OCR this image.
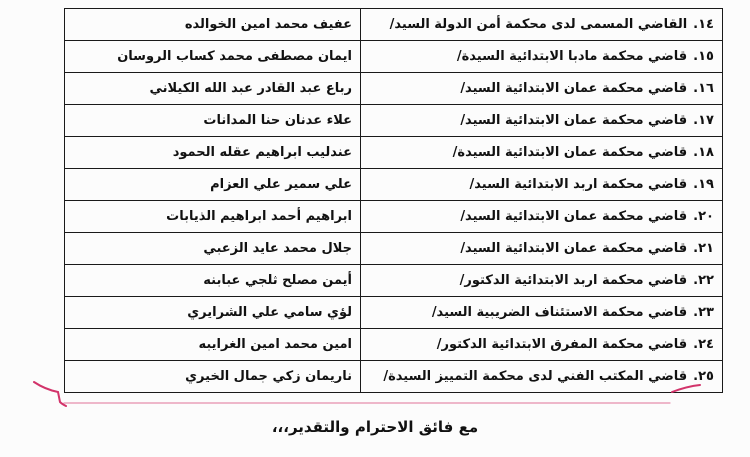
١٤.القاضي المسمى لدى محكمة أمن الدولة السيد/	عفيف محمد امين الخوالده
١٥.قاضي محكمة مادبا الابتدائية السيدة/	ايمان مصطفى محمد كساب الروسان
١٦.قاضي محكمة عمان الابتدائية السيد/	رباع عبد القادر عبد الله الكيلاني
١٧.قاضي محكمة عمان الابتدائية السيد/	علاء عدنان حنا المدانات
١٨.قاضي محكمة عمان الابتدائية السيدة/	عندليب ابراهيم عقله الحمود
١٩.قاضي محكمة اربد الابتدائية السيد/	علي سمير علي العزام
٢٠.قاضي محكمة عمان الابتدائية السيد/	ابراهيم أحمد ابراهيم الذيابات
٢١.قاضي محكمة عمان الابتدائية السيد/	جلال محمد عايد الزعبي
٢٢.قاضي محكمة اربد الابتدائية الدكتور/	أيمن مصلح ثلجي عبابنه
٢٣.قاضي محكمة الاستئناف الضريبية السيد/	لؤي سامي علي الشرايري
٢٤.قاضي محكمة المفرق الابتدائية الدكتور/	امين محمد امين الغرايبه
٢٥.قاضي المكتب الفني لدى محكمة التمييز السيدة/	ناريمان زكي جمال الخيري
مع فائق الاحترام والتقدير،،،
